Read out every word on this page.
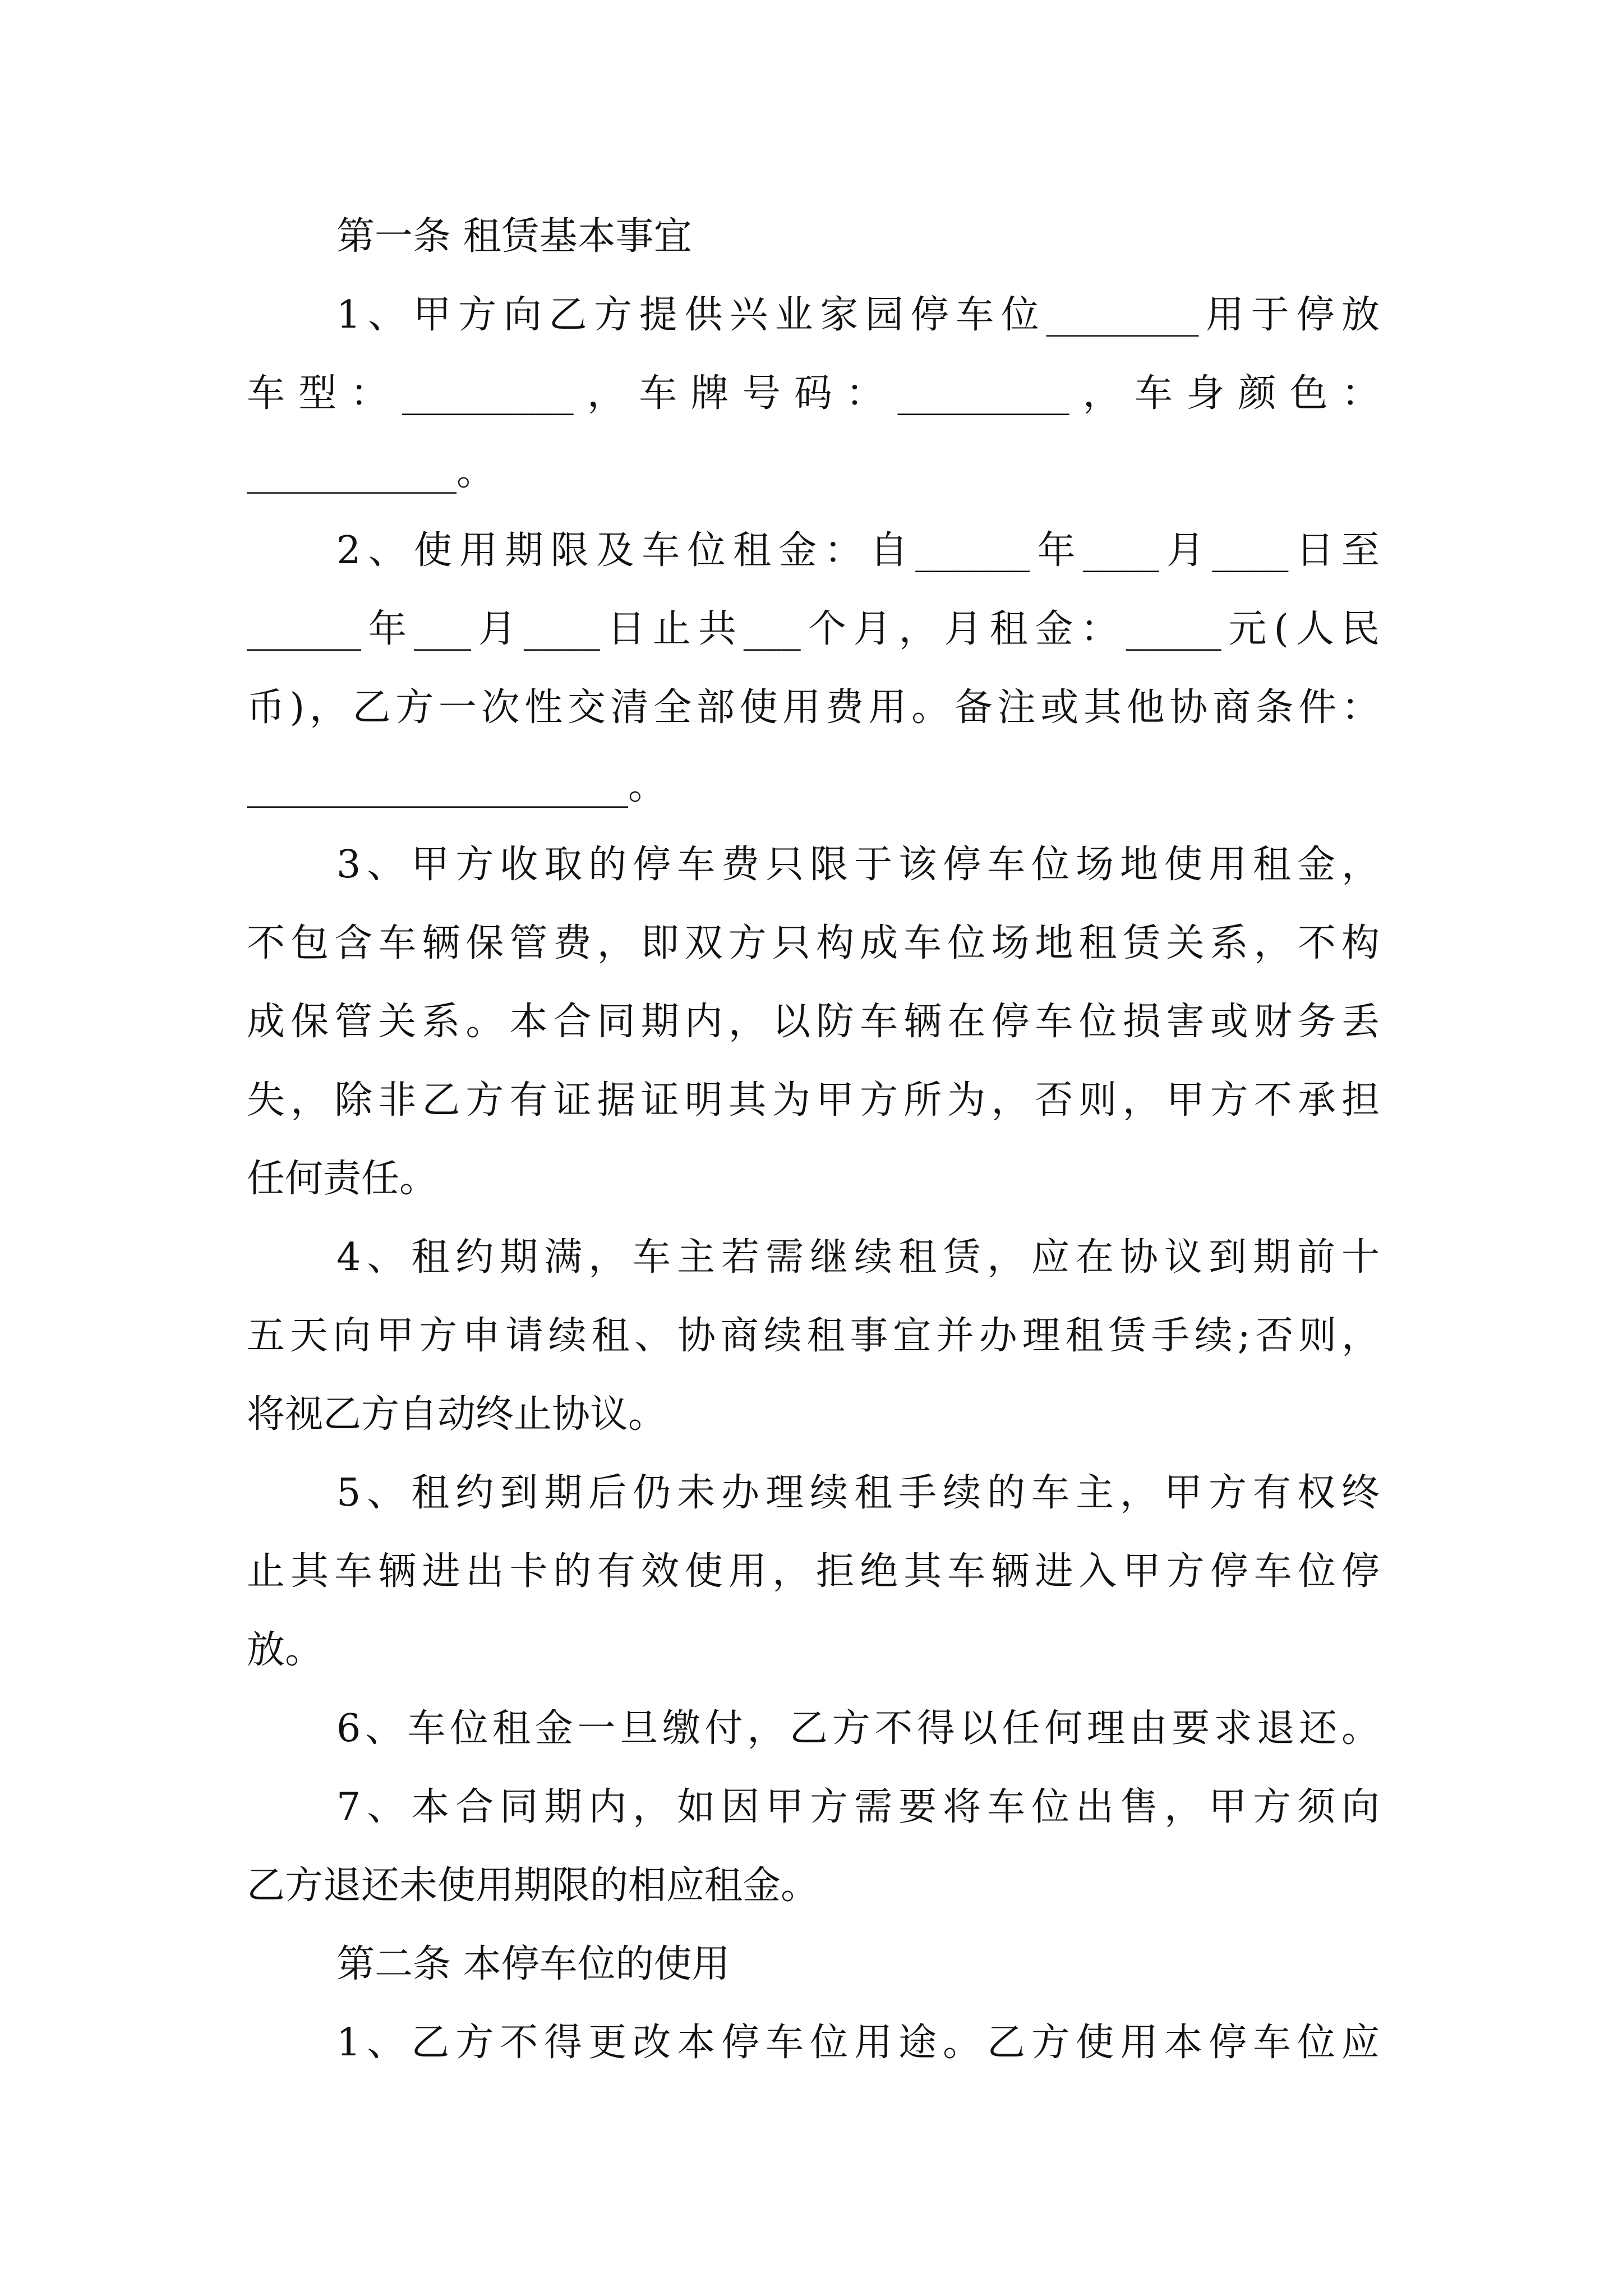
第一条 租赁基本事宜

1、甲方向乙方提供兴业家园停车位________用于停放

车型：_________，车牌号码：_________，车身颜色：

___________。

2、使用期限及车位租金：自______年____月____日至

______年___月____日止共___个月，月租金：_____元(人民

币)，乙方一次性交清全部使用费用。备注或其他协商条件：

____________________。

3、甲方收取的停车费只限于该停车位场地使用租金，

不包含车辆保管费，即双方只构成车位场地租赁关系，不构

成保管关系。本合同期内，以防车辆在停车位损害或财务丢

失，除非乙方有证据证明其为甲方所为，否则，甲方不承担

任何责任。

4、租约期满，车主若需继续租赁，应在协议到期前十

五天向甲方申请续租、协商续租事宜并办理租赁手续;否则，

将视乙方自动终止协议。

5、租约到期后仍未办理续租手续的车主，甲方有权终

止其车辆进出卡的有效使用，拒绝其车辆进入甲方停车位停

放。

6、车位租金一旦缴付，乙方不得以任何理由要求退还。

7、本合同期内，如因甲方需要将车位出售，甲方须向

乙方退还未使用期限的相应租金。

第二条 本停车位的使用

1、乙方不得更改本停车位用途。乙方使用本停车位应
